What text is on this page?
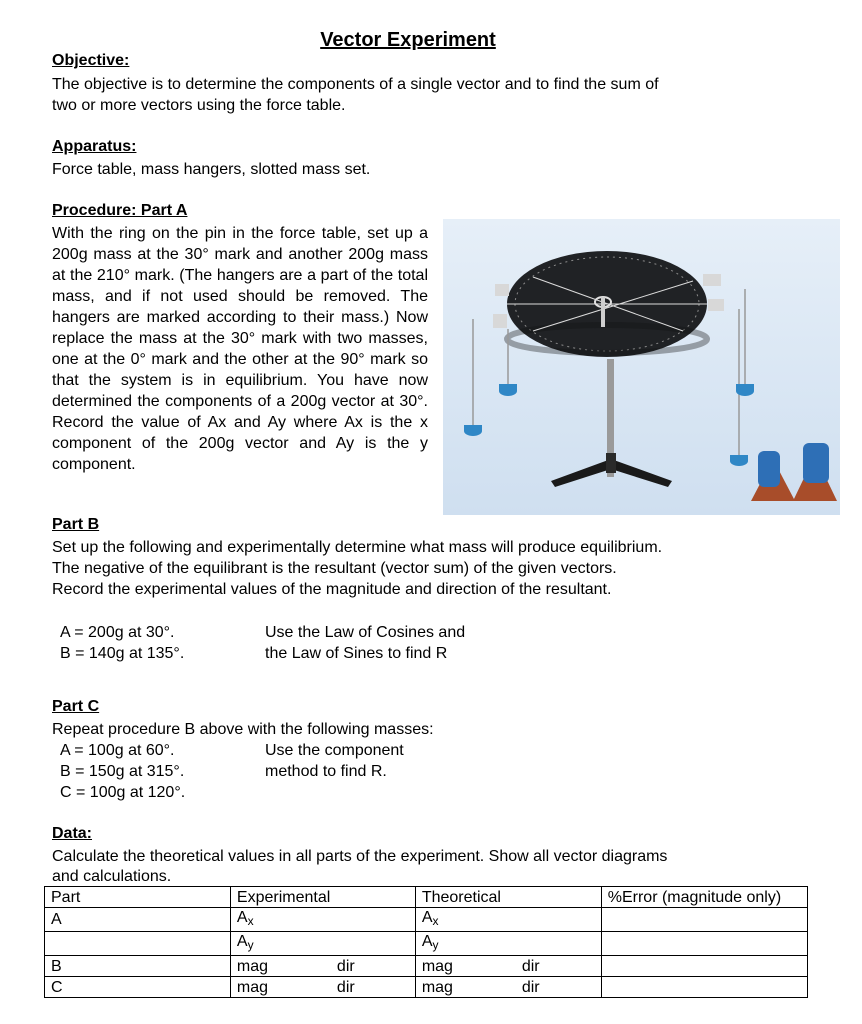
Vector Experiment
Objective:
The objective is to determine the components of a single vector and to find the sum of
two or more vectors using the force table.
Apparatus:
Force table, mass hangers, slotted mass set.
Procedure: Part A
With the ring on the pin in the force table, set up a 200g mass at the 30° mark and another 200g mass at the 210° mark. (The hangers are a part of the total mass, and if not used should be removed. The hangers are marked according to their mass.) Now replace the mass at the 30° mark with two masses, one at the 0° mark and the other at the 90° mark so that the system is in equilibrium. You have now determined the components of a 200g vector at 30°. Record the value of Ax and Ay where Ax is the x component of the 200g vector and Ay is the y component.
Part B
Set up the following and experimentally determine what mass will produce equilibrium.
The negative of the equilibrant is the resultant (vector sum) of the given vectors.
Record the experimental values of the magnitude and direction of the resultant.
A = 200g at 30°.
B = 140g at 135°.
Use the Law of Cosines and
the Law of Sines to find R
Part C
Repeat procedure B above with the following masses:
A = 100g at 60°.
B = 150g at 315°.
C = 100g at 120°.
Use the component
method to find R.
Data:
Calculate the theoretical values in all parts of the experiment. Show all vector diagrams
and calculations.
Part	Experimental	Theoretical	%Error (magnitude only)
A	$A_x$	$A_x$	
	$A_y$	$A_y$	
B	mag dir	mag dir	

C	mag dir	mag dir	
